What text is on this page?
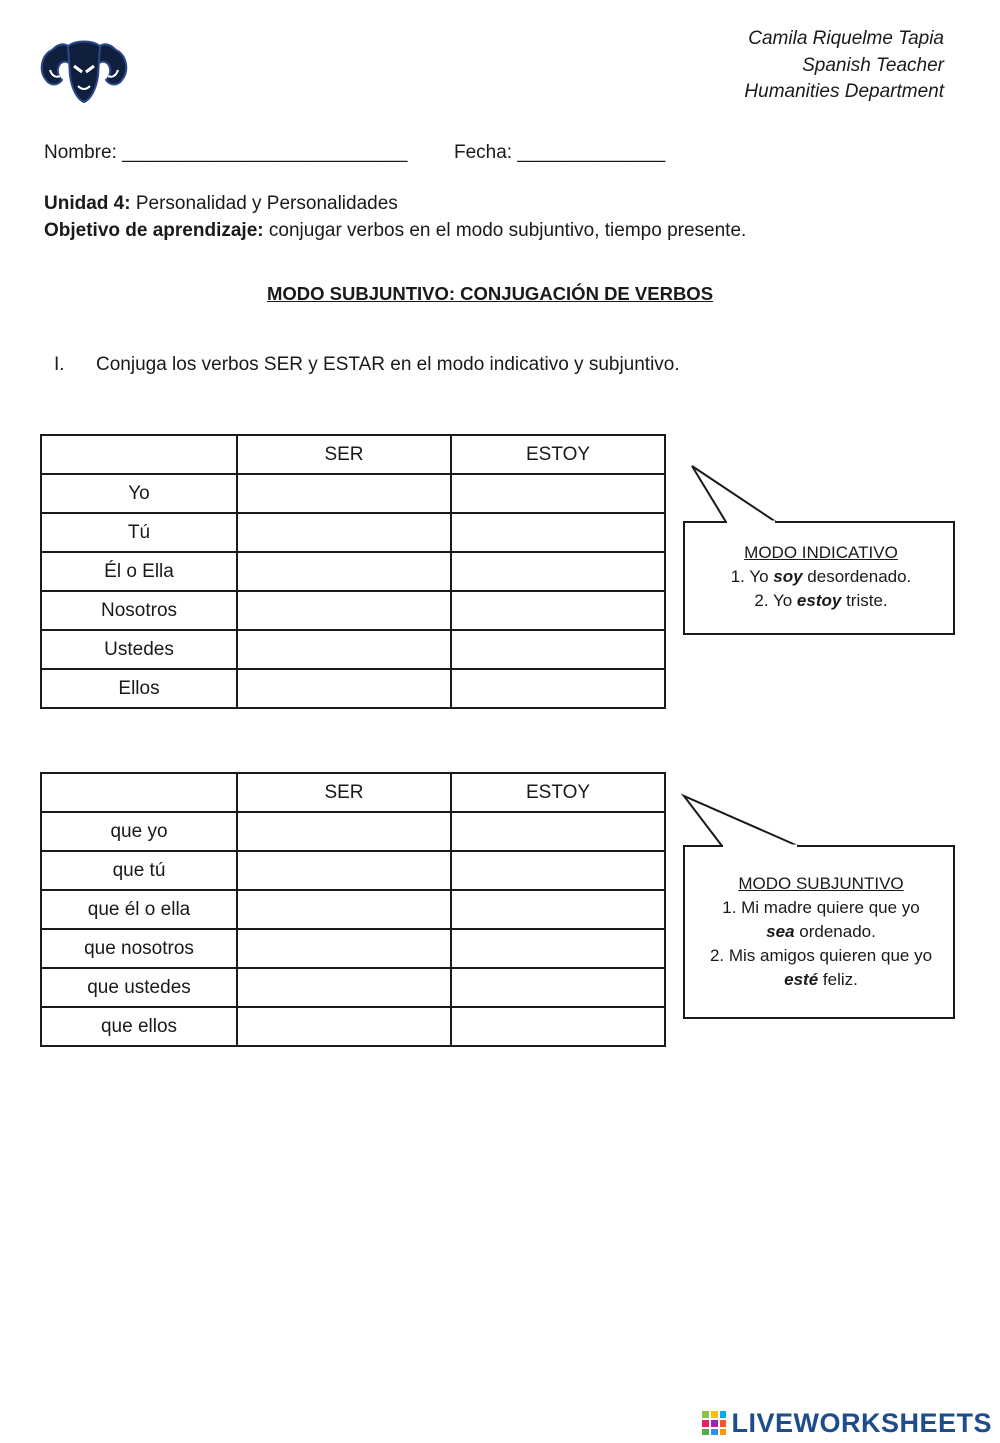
Camila Riquelme Tapia
Spanish Teacher
Humanities Department
Nombre: ___________________________ Fecha: ______________
Unidad 4: Personalidad y Personalidades
Objetivo de aprendizaje: conjugar verbos en el modo subjuntivo, tiempo presente.
MODO SUBJUNTIVO: CONJUGACIÓN DE VERBOS
I. Conjuga los verbos SER y ESTAR en el modo indicativo y subjuntivo.
	SER	ESTOY
Yo		
Tú		
Él o Ella		
Nosotros		
Ustedes		
Ellos		
MODO INDICATIVO
1. Yo soy desordenado.
2. Yo estoy triste.
	SER	ESTOY
que yo		
que tú		
que él o ella		
que nosotros		
que ustedes		
que ellos		
MODO SUBJUNTIVO
1. Mi madre quiere que yo
sea ordenado.
2. Mis amigos quieren que yo
esté feliz.
LIVEWORKSHEETS
